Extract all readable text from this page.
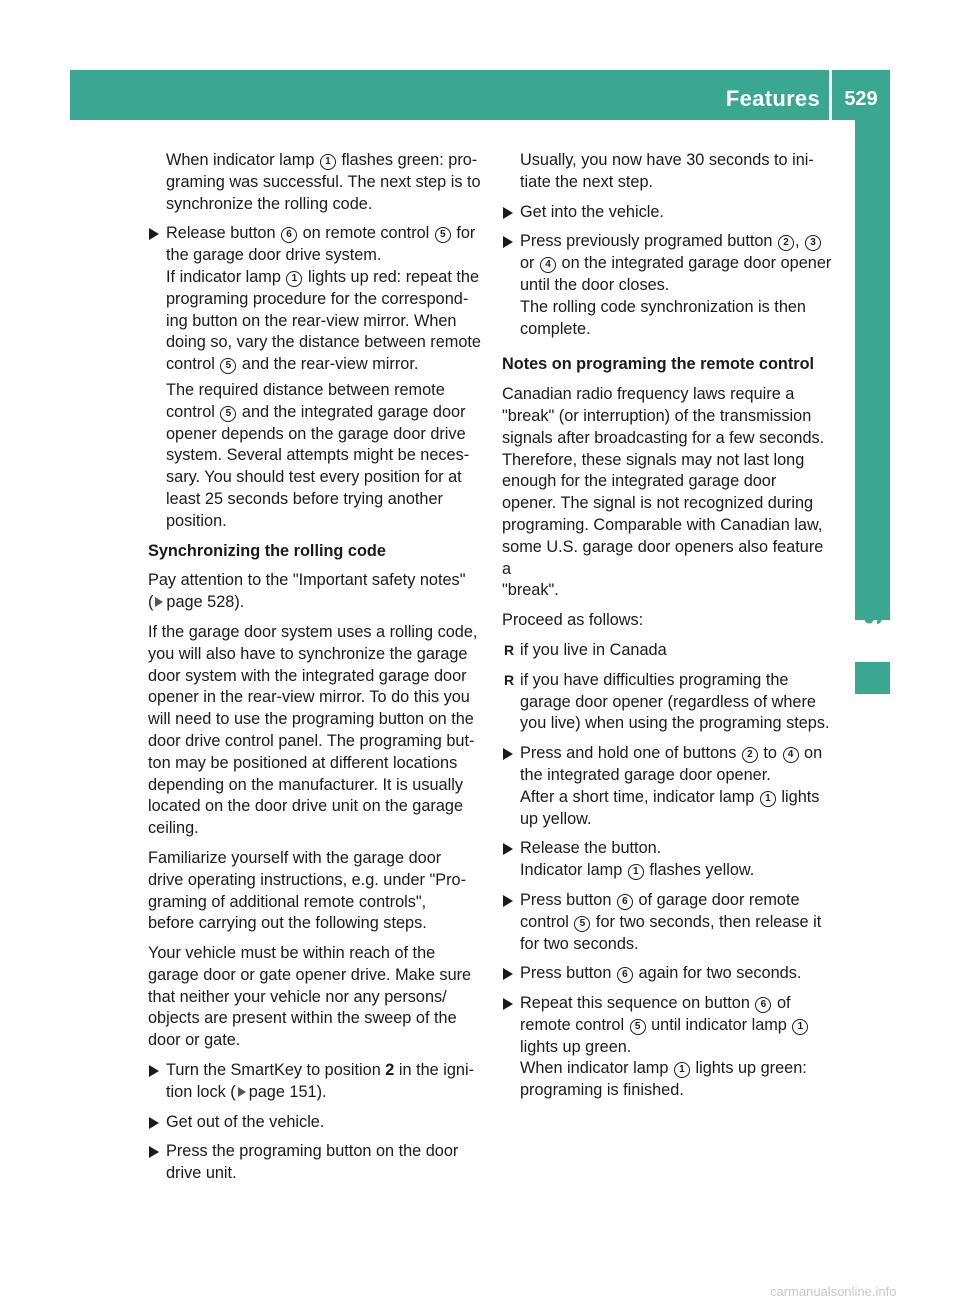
Features	529
Stowage and features

When indicator lamp 1 flashes green: pro-
graming was successful. The next step is to
synchronize the rolling code.

Release button 6 on remote control 5 for
the garage door drive system.
If indicator lamp 1 lights up red: repeat the
programing procedure for the correspond-
ing button on the rear-view mirror. When
doing so, vary the distance between remote
control 5 and the rear-view mirror.

The required distance between remote
control 5 and the integrated garage door
opener depends on the garage door drive
system. Several attempts might be neces-
sary. You should test every position for at
least 25 seconds before trying another
position.

Synchronizing the rolling code

Pay attention to the "Important safety notes"
( page 528).

If the garage door system uses a rolling code,
you will also have to synchronize the garage
door system with the integrated garage door
opener in the rear-view mirror. To do this you
will need to use the programing button on the
door drive control panel. The programing but-
ton may be positioned at different locations
depending on the manufacturer. It is usually
located on the door drive unit on the garage
ceiling.

Familiarize yourself with the garage door
drive operating instructions, e.g. under "Pro-
graming of additional remote controls",
before carrying out the following steps.

Your vehicle must be within reach of the
garage door or gate opener drive. Make sure
that neither your vehicle nor any persons/
objects are present within the sweep of the
door or gate.

Turn the SmartKey to position 2 in the igni-
tion lock ( page 151).
Get out of the vehicle.
Press the programing button on the door
drive unit.

Usually, you now have 30 seconds to ini-
tiate the next step.

Get into the vehicle.
Press previously programed button 2 , 3
or 4 on the integrated garage door opener
until the door closes.
The rolling code synchronization is then
complete.

Notes on programing the remote control

Canadian radio frequency laws require a
"break" (or interruption) of the transmission
signals after broadcasting for a few seconds.
Therefore, these signals may not last long
enough for the integrated garage door
opener. The signal is not recognized during
programing. Comparable with Canadian law,
some U.S. garage door openers also feature a
"break".

Proceed as follows:

R if you live in Canada
R if you have difficulties programing the
garage door opener (regardless of where
you live) when using the programing steps.
Press and hold one of buttons 2 to 4 on
the integrated garage door opener.
After a short time, indicator lamp 1 lights
up yellow.
Release the button.
Indicator lamp 1 flashes yellow.
Press button 6 of garage door remote
control 5 for two seconds, then release it
for two seconds.
Press button 6 again for two seconds.
Repeat this sequence on button 6 of
remote control 5 until indicator lamp 1
lights up green.
When indicator lamp 1 lights up green:
programing is finished.
carmanualsonline.info
